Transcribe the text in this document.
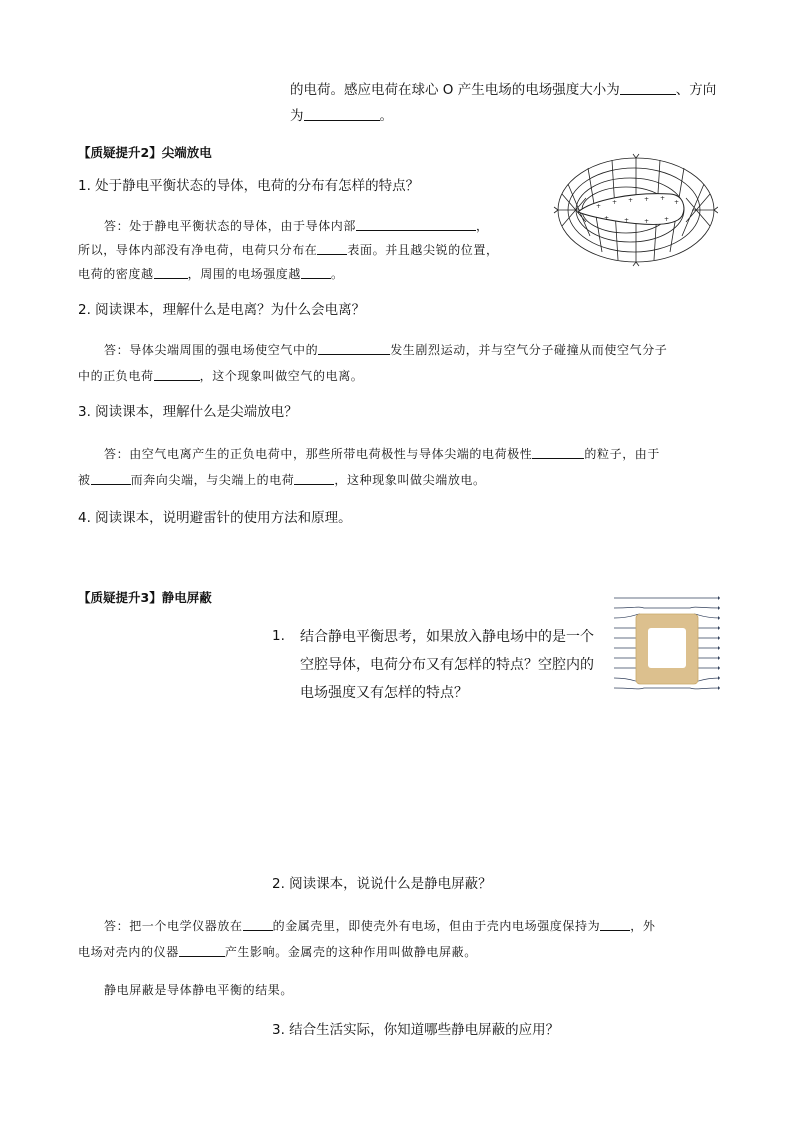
的电荷。感应电荷在球心 O 产生电场的电场强度大小为	、方向
为	。
【质疑提升2】尖端放电
1. 处于静电平衡状态的导体，电荷的分布有怎样的特点？
答：处于静电平衡状态的导体，由于导体内部	，
所以，导体内部没有净电荷，电荷只分布在	表面。并且越尖锐的位置，
电荷的密度越	，周围的电场强度越	。
+
+ + + +
+
+ + + +
2. 阅读课本，理解什么是电离？为什么会电离？
答：导体尖端周围的强电场使空气中的	发生剧烈运动，并与空气分子碰撞从而使空气分子
中的正负电荷	，这个现象叫做空气的电离。
3. 阅读课本，理解什么是尖端放电？
答：由空气电离产生的正负电荷中，那些所带电荷极性与导体尖端的电荷极性	的粒子，由于
被	而奔向尖端，与尖端上的电荷	，这种现象叫做尖端放电。
4. 阅读课本，说明避雷针的使用方法和原理。
【质疑提升3】静电屏蔽
1. 结合静电平衡思考，如果放入静电场中的是一个
空腔导体，电荷分布又有怎样的特点？空腔内的
电场强度又有怎样的特点？
2. 阅读课本，说说什么是静电屏蔽？
答：把一个电学仪器放在	的金属壳里，即使壳外有电场，但由于壳内电场强度保持为	，外
电场对壳内的仪器	产生影响。金属壳的这种作用叫做静电屏蔽。
静电屏蔽是导体静电平衡的结果。
3. 结合生活实际，你知道哪些静电屏蔽的应用？
